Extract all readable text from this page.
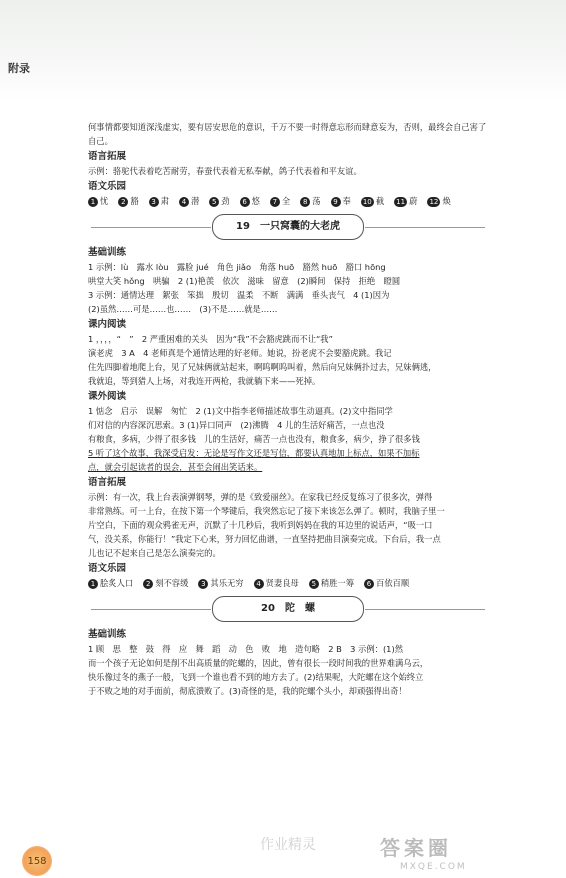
附录

何事情都要知道深浅虚实，要有居安思危的意识，千万不要一时得意忘形而肆意妄为，否则，最终会自己害了自己。

语言拓展

示例：骆驼代表着吃苦耐劳，春蚕代表着无私奉献，鸽子代表着和平友谊。

语文乐园
1 忧 2 豁 3 肃 4 潜 5 劲 6 悠 7 全 8 荡 9 奉 10 截 11 蔚 12 焕
19 一只窝囊的大老虎
基础训练

1 示例：lù　露水 lòu　露脸 jué　角色 jiǎo　角落 huō　豁然 huō　豁口 hōng

哄堂大笑 hǒng　哄骗　2 (1)艳羡　依次　滋味　留意　(2)瞬间　保持　拒绝　瞪圆

3 示例：通情达理　絮张　笨拙　殷切　温柔　不断　满满　垂头丧气　4 (1)因为

(2)虽然……可是……也……　(3)不是……就是……

课内阅读

1 ，，，，“　”　2 严重困难的关头　因为“我”不会豁虎跳而不让“我”

演老虎　3 A　4 老师真是个通情达理的好老师。她说，扮老虎不会要豁虎跳。我记

住先四脚着地爬上台，见了兄妹俩就站起来，啊呜啊呜叫着，然后向兄妹俩扑过去，兄妹俩逃，

我就追，等到猎人上场，对我连开两枪，我就躺下来——死掉。

课外阅读

1 惦念　启示　误解　匆忙　2 (1)文中指李老师描述故事生动逼真。(2)文中指同学

们对信的内容深沉思索。3 (1)异口同声　(2)沸腾　4 儿的生活好痛苦，一点也没

有粮食，多病，少得了很多钱　儿的生活好，痛苦一点也没有，粮食多，病少，挣了很多钱

5 听了这个故事，我深受启发：无论是写作文还是写信，都要认真地加上标点，如果不加标

点，就会引起读者的误会，甚至会闹出笑话来。

语言拓展

示例：有一次，我上台表演弹钢琴，弹的是《致爱丽丝》。在家我已经反复练习了很多次，弹得

非常熟练。可一上台，在按下第一个琴键后，我突然忘记了接下来该怎么弹了。顿时，我脑子里一

片空白，下面的观众鸦雀无声，沉默了十几秒后，我听到妈妈在我的耳边里的说话声，“吸一口

气，没关系，你能行！”我定下心来，努力回忆曲谱，一直坚持把曲目演奏完成。下台后，我一点

儿也记不起来自己是怎么演奏完的。

语文乐园
1 脍炙人口 2 刻不容缓 3 其乐无穷 4 贤妻良母 5 稍胜一筹 6 百依百顺
20 陀　螺
基础训练

1 顾　思　整　鼓　得　应　舞　蹈　动　色　败　地　造句略　2 B　3 示例：(1)然

而一个孩子无论如何是削不出高质量的陀螺的，因此，曾有很长一段时间我的世界难满乌云，

快乐像过冬的燕子一般，飞到一个谁也看不到的地方去了。(2)结果呢，大陀螺在这个始终立

于不败之地的对手面前，彻底溃败了。(3)奇怪的是，我的陀螺个头小，却顽强得出奇！

158
作业精灵	答案圈
MXQE.COM
